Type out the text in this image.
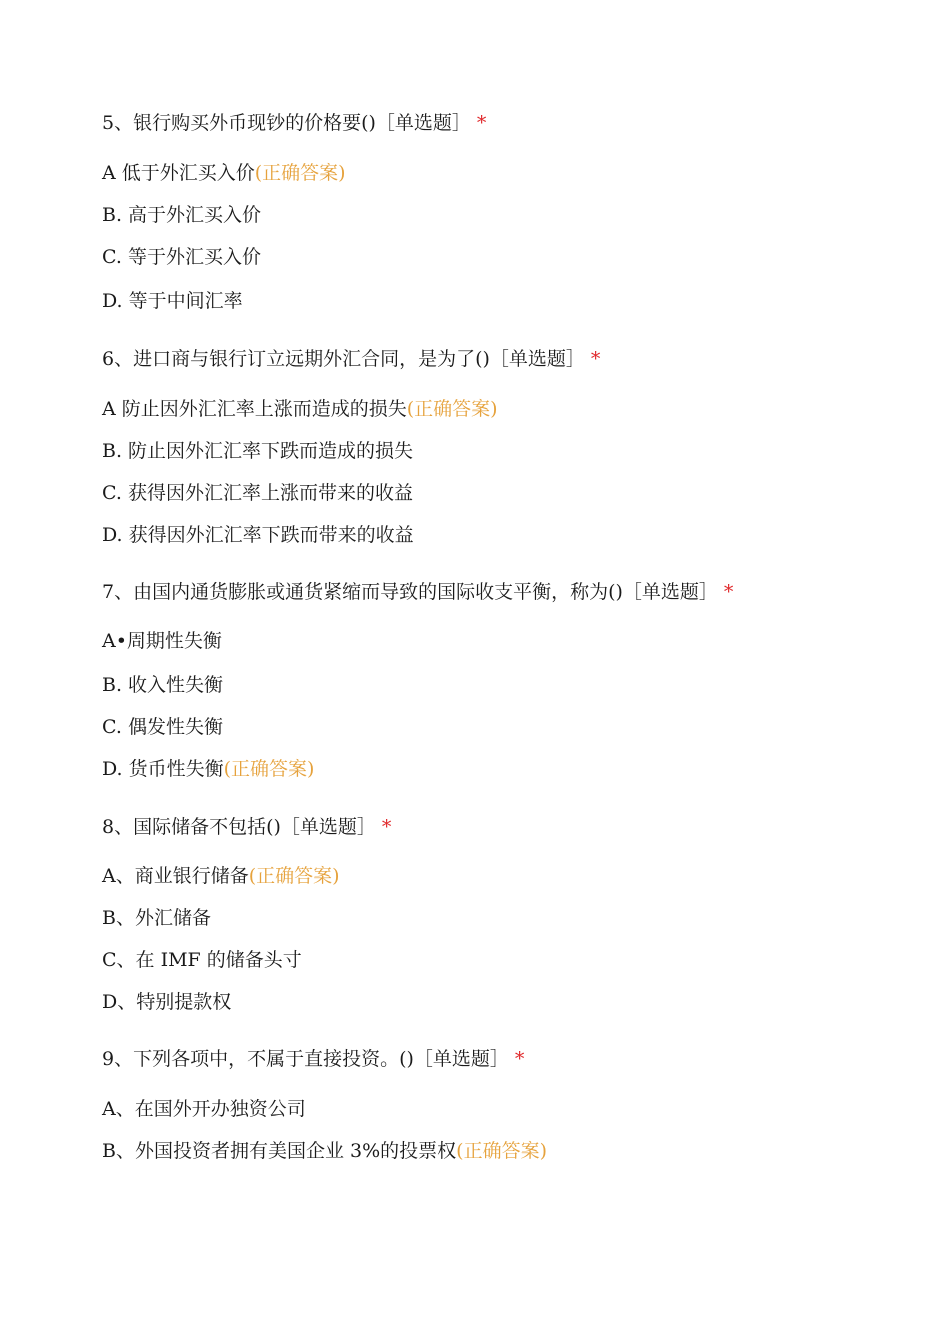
5、银行购买外币现钞的价格要()［单选题］ *
A 低于外汇买入价(正确答案)
B. 高于外汇买入价
C. 等于外汇买入价
D. 等于中间汇率
6、进口商与银行订立远期外汇合同，是为了()［单选题］ *
A 防止因外汇汇率上涨而造成的损失(正确答案)
B. 防止因外汇汇率下跌而造成的损失
C. 获得因外汇汇率上涨而带来的收益
D. 获得因外汇汇率下跌而带来的收益
7、由国内通货膨胀或通货紧缩而导致的国际收支平衡，称为()［单选题］ *
A•周期性失衡
B. 收入性失衡
C. 偶发性失衡
D. 货币性失衡(正确答案)
8、国际储备不包括()［单选题］ *
A、商业银行储备(正确答案)
B、外汇储备
C、在 IMF 的储备头寸
D、特别提款权
9、下列各项中，不属于直接投资。()［单选题］ *
A、在国外开办独资公司
B、外国投资者拥有美国企业 3%的投票权(正确答案)
